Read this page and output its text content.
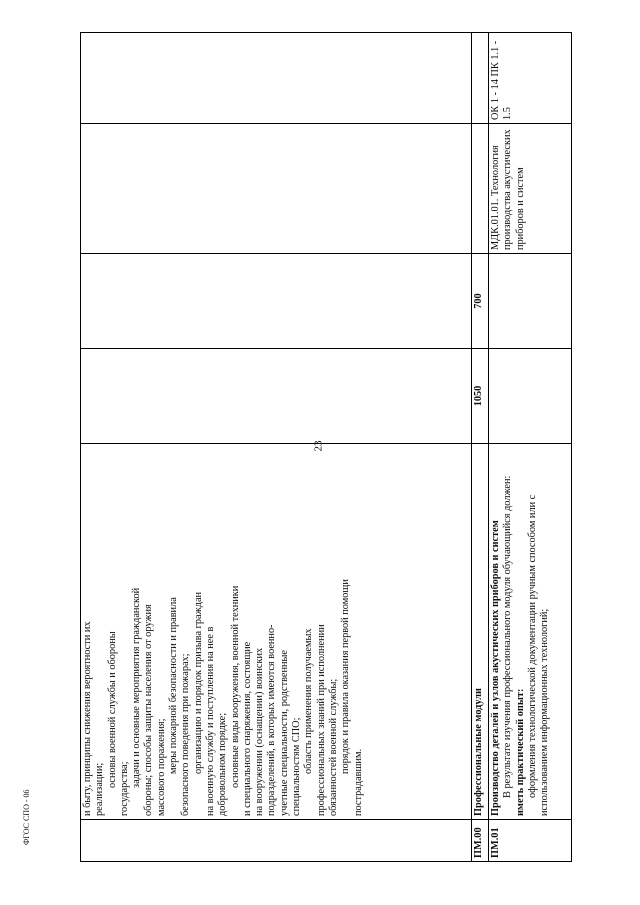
23
ФГОС СПО - 06

и быту, принципы снижения вероятности их реализации;

основы военной службы и обороны

государства;

задачи и основные мероприятия гражданской обороны; способы защиты населения от оружия массового поражения; меры пожарной безопасности и правила безопасного поведения при пожарах; организацию и порядок призыва граждан на военную службу и поступления на нее в добровольном порядке; основные виды вооружения, военной техники и специального снаряжения, состоящие на вооружении (оснащении) воинских подразделений, в которых имеются военно- учетные специальности, родственные специальностям СПО; область применения получаемых профессиональных знаний при исполнении обязанностей военной службы; порядок и правила оказания первой помощи

пострадавшим.

ПМ.00
Профессиональные модули
1050
700
ПМ.01

Производство деталей и узлов акустических приборов и систем В результате изучения профессионального модуля обучающийся должен: иметь практический опыт: оформления технологической документации ручным способом или с использованием информационных технологий;

МДК.01.01. Технология производства акустических приборов и систем
ОК 1 - 14 ПК 1.1 - 1.5
